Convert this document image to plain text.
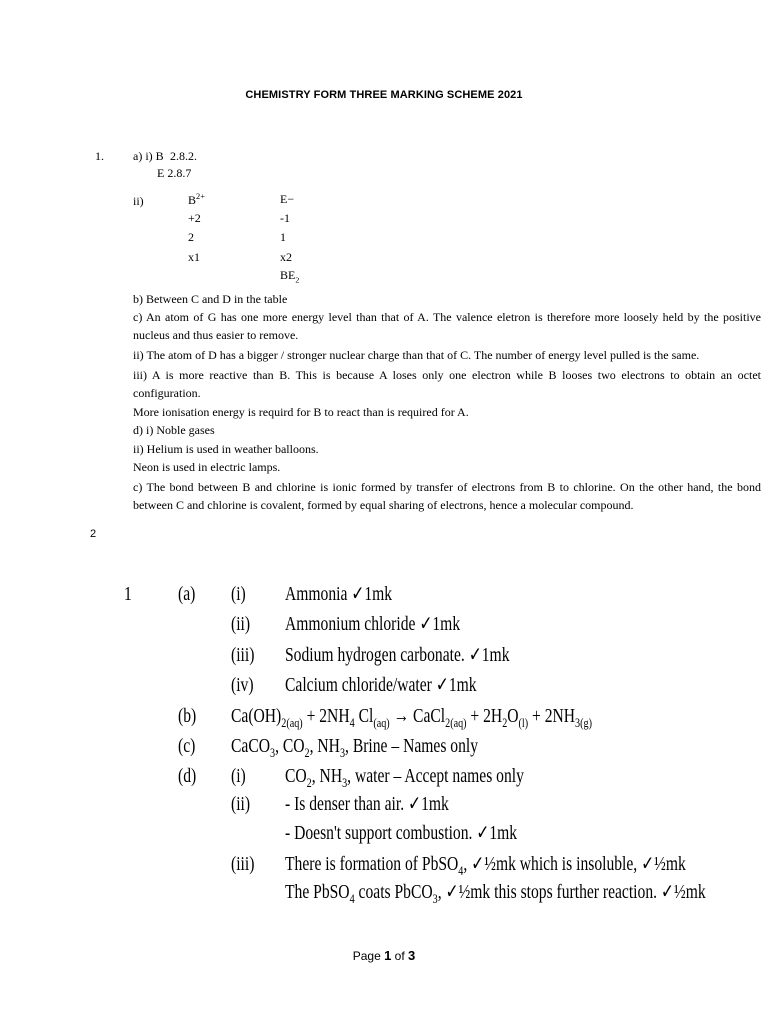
CHEMISTRY FORM THREE MARKING SCHEME 2021
1. a) i) B 2.8.2.
E 2.8.7
ii)	$B^{2+}$
+2
2
x1
E−
-1
1
x2
$BE_2$
b) Between C and D in the table
c) An atom of G has one more energy level than that of A. The valence eletron is therefore more loosely held by the positive nucleus and thus easier to remove.
ii) The atom of D has a bigger / stronger nuclear charge than that of C. The number of energy level pulled is the same.
iii) A is more reactive than B. This is because A loses only one electron while B looses two electrons to obtain an octet configuration.
More ionisation energy is requird for B to react than is required for A.
d) i) Noble gases
ii) Helium is used in weather balloons.
Neon is used in electric lamps.
c) The bond between B and chlorine is ionic formed by transfer of electrons from B to chlorine. On the other hand, the bond between C and chlorine is covalent, formed by equal sharing of electrons, hence a molecular compound.
2
1 (a) (i) Ammonia ✓1mk
(ii) Ammonium chloride ✓1mk
(iii) Sodium hydrogen carbonate. ✓1mk
(iv) Calcium chloride/water ✓1mk
(b) $Ca(OH)_{2(aq)} + 2NH_4$ $Cl_{(aq)}$ → CaCl$_{2(aq)}$ + $2H_2O_{(l)} + 2NH_{3(g)}$
(c) CaCO$_3$, $CO_2$, $NH_3$, Brine – Names only
(d) (i) $CO_2$, $NH_3$, water – Accept names only
(ii) - Is denser than air. ✓1mk
- Doesn't support combustion. ✓1mk
(iii) There is formation of PbSO$_4$, ✓½mk which is insoluble, ✓½mk
The PbSO$_4$ coats PbCO$_3$, ✓½mk this stops further reaction. ✓½mk
Page 1 of 3
